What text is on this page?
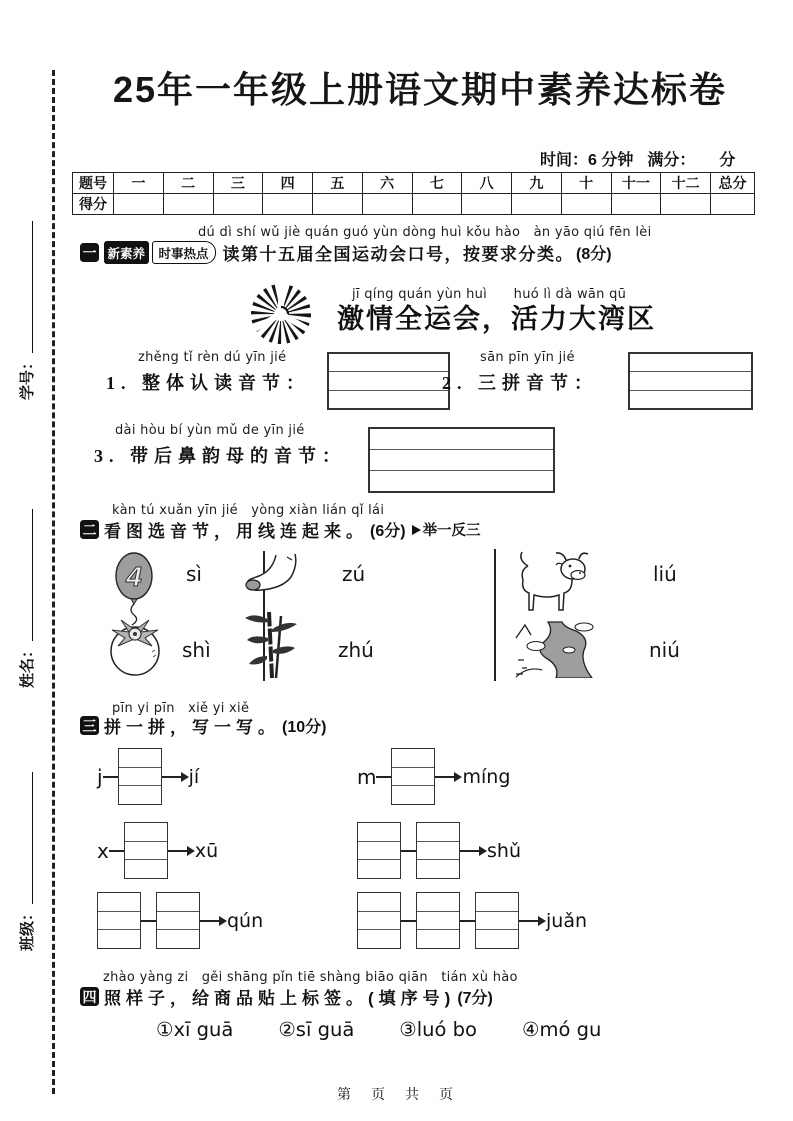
学号：
姓名：
班级：
25年一年级上册语文期中素养达标卷
时间：6 分钟 满分：　　分
题号	一	二	三	四	五	六	七	八	九	十	十一	十二	总分
得分													
dú dì shí wǔ jiè quán guó yùn dòng huì kǒu hào　àn yāo qiú fēn lèi
一 新素养	时事热点 读第十五届全国运动会口号，按要求分类。 (8分)
jī qíng quán yùn huì　　huó lì dà wān qū
激情全运会，活力大湾区
zhěng tǐ rèn dú yīn jié
1. 整体认读音节：
sān pīn yīn jié
2. 三拼音节：
dài hòu bí yùn mǔ de yīn jié
3. 带后鼻韵母的音节：
kàn tú xuǎn yīn jié　yòng xiàn lián qǐ lái
二 看图选音节，用线连起来。 (6分) 举一反三
4 sì
shì
zú
zhú
liú
niú
pīn yi pīn　xiě yi xiě
三 拼一拼，写一写。 (10分)
j	jí	m	míng
x	xū	shǔ
qún	juǎn
zhào yàng zi　gěi shāng pǐn tiē shàng biāo qiān　tián xù hào
四 照样子，给商品贴上标签。(填序号) (7分)
①xī guā ②sī guā ③luó bo ④mó gu
第　页　共　页
